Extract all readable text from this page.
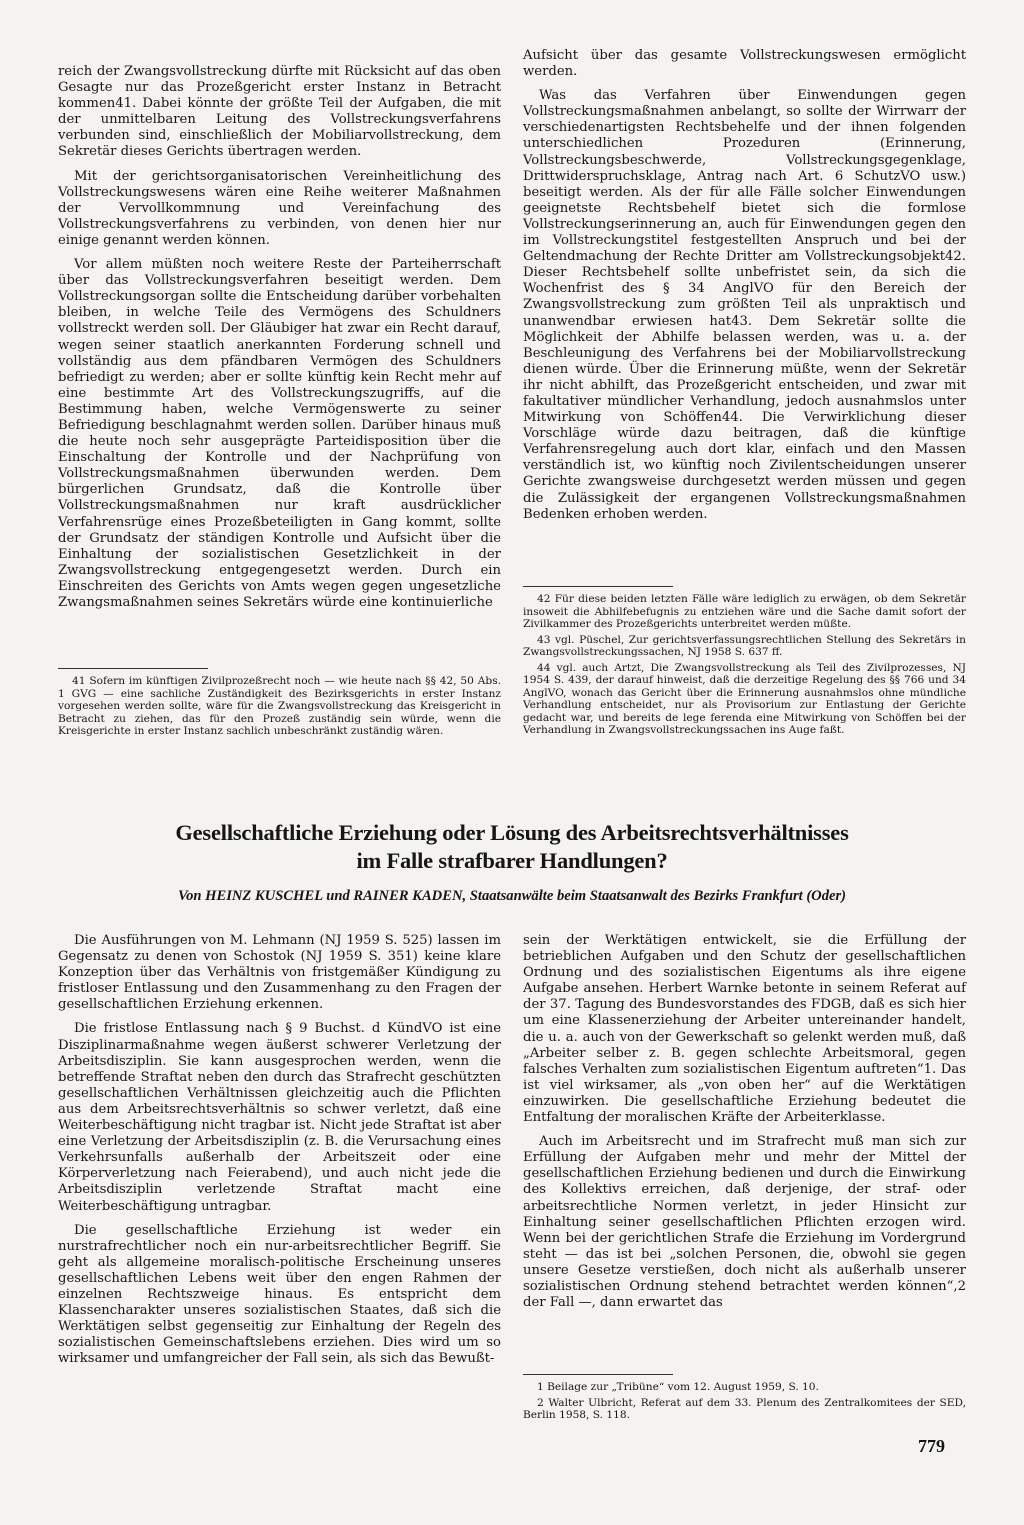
reich der Zwangsvollstreckung dürfte mit Rücksicht auf das oben Gesagte nur das Prozeßgericht erster Instanz in Betracht kommen41. Dabei könnte der größte Teil der Aufgaben, die mit der unmittelbaren Leitung des Vollstreckungsverfahrens verbunden sind, einschließlich der Mobiliarvollstreckung, dem Sekretär dieses Gerichts übertragen werden.

Mit der gerichtsorganisatorischen Vereinheitlichung des Vollstreckungswesens wären eine Reihe weiterer Maßnahmen der Vervollkommnung und Vereinfachung des Vollstreckungsverfahrens zu verbinden, von denen hier nur einige genannt werden können.

Vor allem müßten noch weitere Reste der Parteiherrschaft über das Vollstreckungsverfahren beseitigt werden. Dem Vollstreckungsorgan sollte die Entscheidung darüber vorbehalten bleiben, in welche Teile des Vermögens des Schuldners vollstreckt werden soll. Der Gläubiger hat zwar ein Recht darauf, wegen seiner staatlich anerkannten Forderung schnell und vollständig aus dem pfändbaren Vermögen des Schuldners befriedigt zu werden; aber er sollte künftig kein Recht mehr auf eine bestimmte Art des Vollstreckungszugriffs, auf die Bestimmung haben, welche Vermögenswerte zu seiner Befriedigung beschlagnahmt werden sollen. Darüber hinaus muß die heute noch sehr ausgeprägte Parteidisposition über die Einschaltung der Kontrolle und der Nachprüfung von Vollstreckungsmaßnahmen überwunden werden. Dem bürgerlichen Grundsatz, daß die Kontrolle über Vollstreckungsmaßnahmen nur kraft ausdrücklicher Verfahrensrüge eines Prozeßbeteiligten in Gang kommt, sollte der Grundsatz der ständigen Kontrolle und Aufsicht über die Einhaltung der sozialistischen Gesetzlichkeit in der Zwangsvollstreckung entgegengesetzt werden. Durch ein Einschreiten des Gerichts von Amts wegen gegen ungesetzliche Zwangsmaßnahmen seines Sekretärs würde eine kontinuierliche

41 Sofern im künftigen Zivilprozeßrecht noch — wie heute nach §§ 42, 50 Abs. 1 GVG — eine sachliche Zuständigkeit des Bezirksgerichts in erster Instanz vorgesehen werden sollte, wäre für die Zwangsvollstreckung das Kreisgericht in Betracht zu ziehen, das für den Prozeß zuständig sein würde, wenn die Kreisgerichte in erster Instanz sachlich unbeschränkt zuständig wären.

Aufsicht über das gesamte Vollstreckungswesen ermöglicht werden.

Was das Verfahren über Einwendungen gegen Vollstreckungsmaßnahmen anbelangt, so sollte der Wirrwarr der verschiedenartigsten Rechtsbehelfe und der ihnen folgenden unterschiedlichen Prozeduren (Erinnerung, Vollstreckungsbeschwerde, Vollstreckungsgegenklage, Drittwiderspruchsklage, Antrag nach Art. 6 SchutzVO usw.) beseitigt werden. Als der für alle Fälle solcher Einwendungen geeignetste Rechtsbehelf bietet sich die formlose Vollstreckungserinnerung an, auch für Einwendungen gegen den im Vollstreckungstitel festgestellten Anspruch und bei der Geltendmachung der Rechte Dritter am Vollstreckungsobjekt42. Dieser Rechtsbehelf sollte unbefristet sein, da sich die Wochenfrist des § 34 AnglVO für den Bereich der Zwangsvollstreckung zum größten Teil als unpraktisch und unanwendbar erwiesen hat43. Dem Sekretär sollte die Möglichkeit der Abhilfe belassen werden, was u. a. der Beschleunigung des Verfahrens bei der Mobiliarvollstreckung dienen würde. Über die Erinnerung müßte, wenn der Sekretär ihr nicht abhilft, das Prozeßgericht entscheiden, und zwar mit fakultativer mündlicher Verhandlung, jedoch ausnahmslos unter Mitwirkung von Schöffen44. Die Verwirklichung dieser Vorschläge würde dazu beitragen, daß die künftige Verfahrensregelung auch dort klar, einfach und den Massen verständlich ist, wo künftig noch Zivilentscheidungen unserer Gerichte zwangsweise durchgesetzt werden müssen und gegen die Zulässigkeit der ergangenen Vollstreckungsmaßnahmen Bedenken erhoben werden.

42 Für diese beiden letzten Fälle wäre lediglich zu erwägen, ob dem Sekretär insoweit die Abhilfebefugnis zu entziehen wäre und die Sache damit sofort der Zivilkammer des Prozeßgerichts unterbreitet werden müßte.

43 vgl. Püschel, Zur gerichtsverfassungsrechtlichen Stellung des Sekretärs in Zwangsvollstreckungssachen, NJ 1958 S. 637 ff.

44 vgl. auch Artzt, Die Zwangsvollstreckung als Teil des Zivilprozesses, NJ 1954 S. 439, der darauf hinweist, daß die derzeitige Regelung des §§ 766 und 34 AnglVO, wonach das Gericht über die Erinnerung ausnahmslos ohne mündliche Verhandlung entscheidet, nur als Provisorium zur Entlastung der Gerichte gedacht war, und bereits de lege ferenda eine Mitwirkung von Schöffen bei der Verhandlung in Zwangsvollstreckungssachen ins Auge faßt.

Gesellschaftliche Erziehung oder Lösung des Arbeitsrechtsverhältnisses
im Falle strafbarer Handlungen?
Von HEINZ KUSCHEL und RAINER KADEN, Staatsanwälte beim Staatsanwalt des Bezirks Frankfurt (Oder)

Die Ausführungen von M. Lehmann (NJ 1959 S. 525) lassen im Gegensatz zu denen von Schostok (NJ 1959 S. 351) keine klare Konzeption über das Verhältnis von fristgemäßer Kündigung zu fristloser Entlassung und den Zusammenhang zu den Fragen der gesellschaftlichen Erziehung erkennen.

Die fristlose Entlassung nach § 9 Buchst. d KündVO ist eine Disziplinarmaßnahme wegen äußerst schwerer Verletzung der Arbeitsdisziplin. Sie kann ausgesprochen werden, wenn die betreffende Straftat neben den durch das Strafrecht geschützten gesellschaftlichen Verhältnissen gleichzeitig auch die Pflichten aus dem Arbeitsrechtsverhältnis so schwer verletzt, daß eine Weiterbeschäftigung nicht tragbar ist. Nicht jede Straftat ist aber eine Verletzung der Arbeitsdisziplin (z. B. die Verursachung eines Verkehrsunfalls außerhalb der Arbeitszeit oder eine Körperverletzung nach Feierabend), und auch nicht jede die Arbeitsdisziplin verletzende Straftat macht eine Weiterbeschäftigung untragbar.

Die gesellschaftliche Erziehung ist weder ein nurstrafrechtlicher noch ein nur-arbeitsrechtlicher Begriff. Sie geht als allgemeine moralisch-politische Erscheinung unseres gesellschaftlichen Lebens weit über den engen Rahmen der einzelnen Rechtszweige hinaus. Es entspricht dem Klassencharakter unseres sozialistischen Staates, daß sich die Werktätigen selbst gegenseitig zur Einhaltung der Regeln des sozialistischen Gemeinschaftslebens erziehen. Dies wird um so wirksamer und umfangreicher der Fall sein, als sich das Bewußt-

sein der Werktätigen entwickelt, sie die Erfüllung der betrieblichen Aufgaben und den Schutz der gesellschaftlichen Ordnung und des sozialistischen Eigentums als ihre eigene Aufgabe ansehen. Herbert Warnke betonte in seinem Referat auf der 37. Tagung des Bundesvorstandes des FDGB, daß es sich hier um eine Klassenerziehung der Arbeiter untereinander handelt, die u. a. auch von der Gewerkschaft so gelenkt werden muß, daß „Arbeiter selber z. B. gegen schlechte Arbeitsmoral, gegen falsches Verhalten zum sozialistischen Eigentum auftreten“1. Das ist viel wirksamer, als „von oben her“ auf die Werktätigen einzuwirken. Die gesellschaftliche Erziehung bedeutet die Entfaltung der moralischen Kräfte der Arbeiterklasse.

Auch im Arbeitsrecht und im Strafrecht muß man sich zur Erfüllung der Aufgaben mehr und mehr der Mittel der gesellschaftlichen Erziehung bedienen und durch die Einwirkung des Kollektivs erreichen, daß derjenige, der straf- oder arbeitsrechtliche Normen verletzt, in jeder Hinsicht zur Einhaltung seiner gesellschaftlichen Pflichten erzogen wird. Wenn bei der gerichtlichen Strafe die Erziehung im Vordergrund steht — das ist bei „solchen Personen, die, obwohl sie gegen unsere Gesetze verstießen, doch nicht als außerhalb unserer sozialistischen Ordnung stehend betrachtet werden können“,2 der Fall —, dann erwartet das

1 Beilage zur „Tribüne“ vom 12. August 1959, S. 10.

2 Walter Ulbricht, Referat auf dem 33. Plenum des Zentralkomitees der SED, Berlin 1958, S. 118.

779
